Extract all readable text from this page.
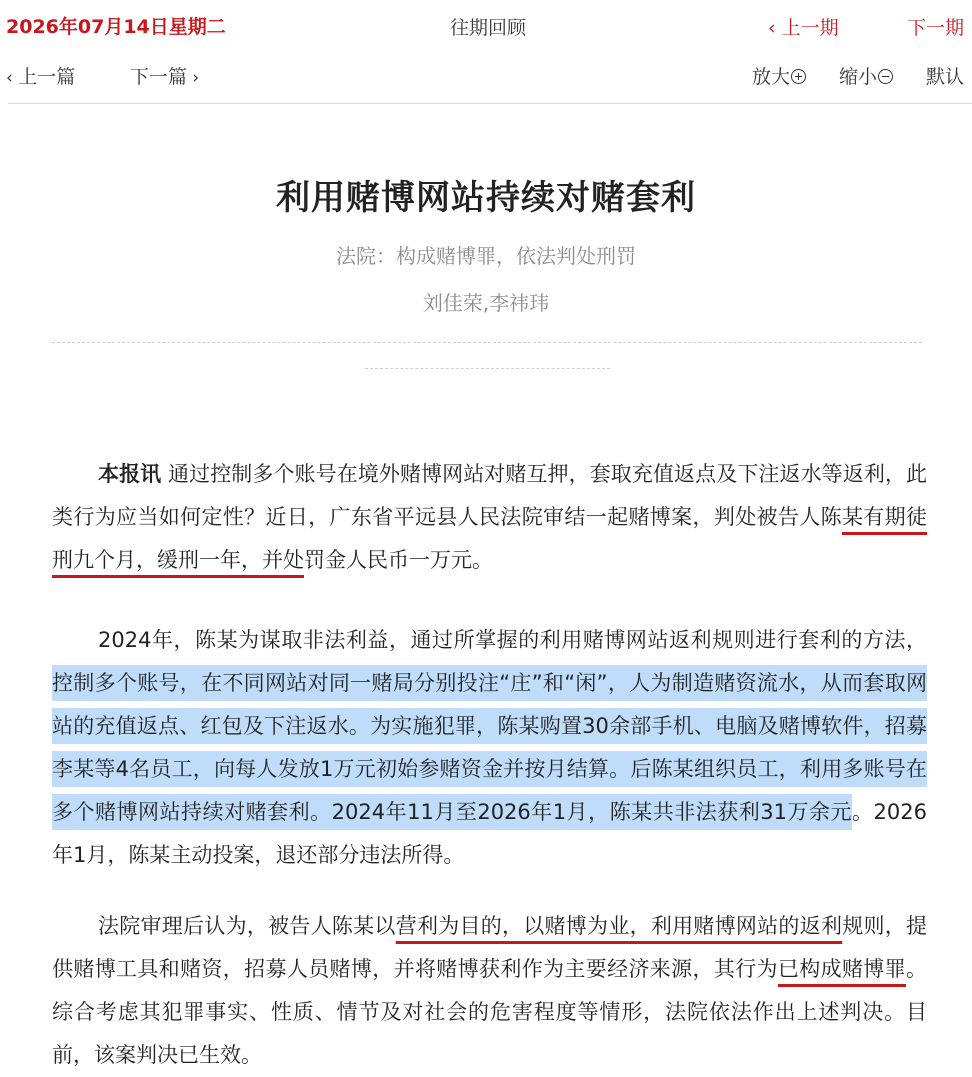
2026年07月14日星期二	往期回顾	‹ 上一期	下一期
‹ 上一篇	下一篇 ›	放大	缩小	默认
利用赌博网站持续对赌套利
法院：构成赌博罪，依法判处刑罚
刘佳荣,李祎玮

本报讯 通过控制多个账号在境外赌博网站对赌互押，套取充值返点及下注返水等返利，此类行为应当如何定性？近日，广东省平远县人民法院审结一起赌博案，判处被告人陈某有期徒刑九个月，缓刑一年，并处罚金人民币一万元。

2024年，陈某为谋取非法利益，通过所掌握的利用赌博网站返利规则进行套利的方法，控制多个账号，在不同网站对同一赌局分别投注“庄”和“闲”，人为制造赌资流水，从而套取网站的充值返点、红包及下注返水。为实施犯罪，陈某购置30余部手机、电脑及赌博软件，招募李某等4名员工，向每人发放1万元初始参赌资金并按月结算。后陈某组织员工，利用多账号在多个赌博网站持续对赌套利。2024年11月至2026年1月，陈某共非法获利31万余元。2026年1月，陈某主动投案，退还部分违法所得。

法院审理后认为，被告人陈某以营利为目的，以赌博为业，利用赌博网站的返利规则，提供赌博工具和赌资，招募人员赌博，并将赌博获利作为主要经济来源，其行为已构成赌博罪。综合考虑其犯罪事实、性质、情节及对社会的危害程度等情形，法院依法作出上述判决。目前，该案判决已生效。
